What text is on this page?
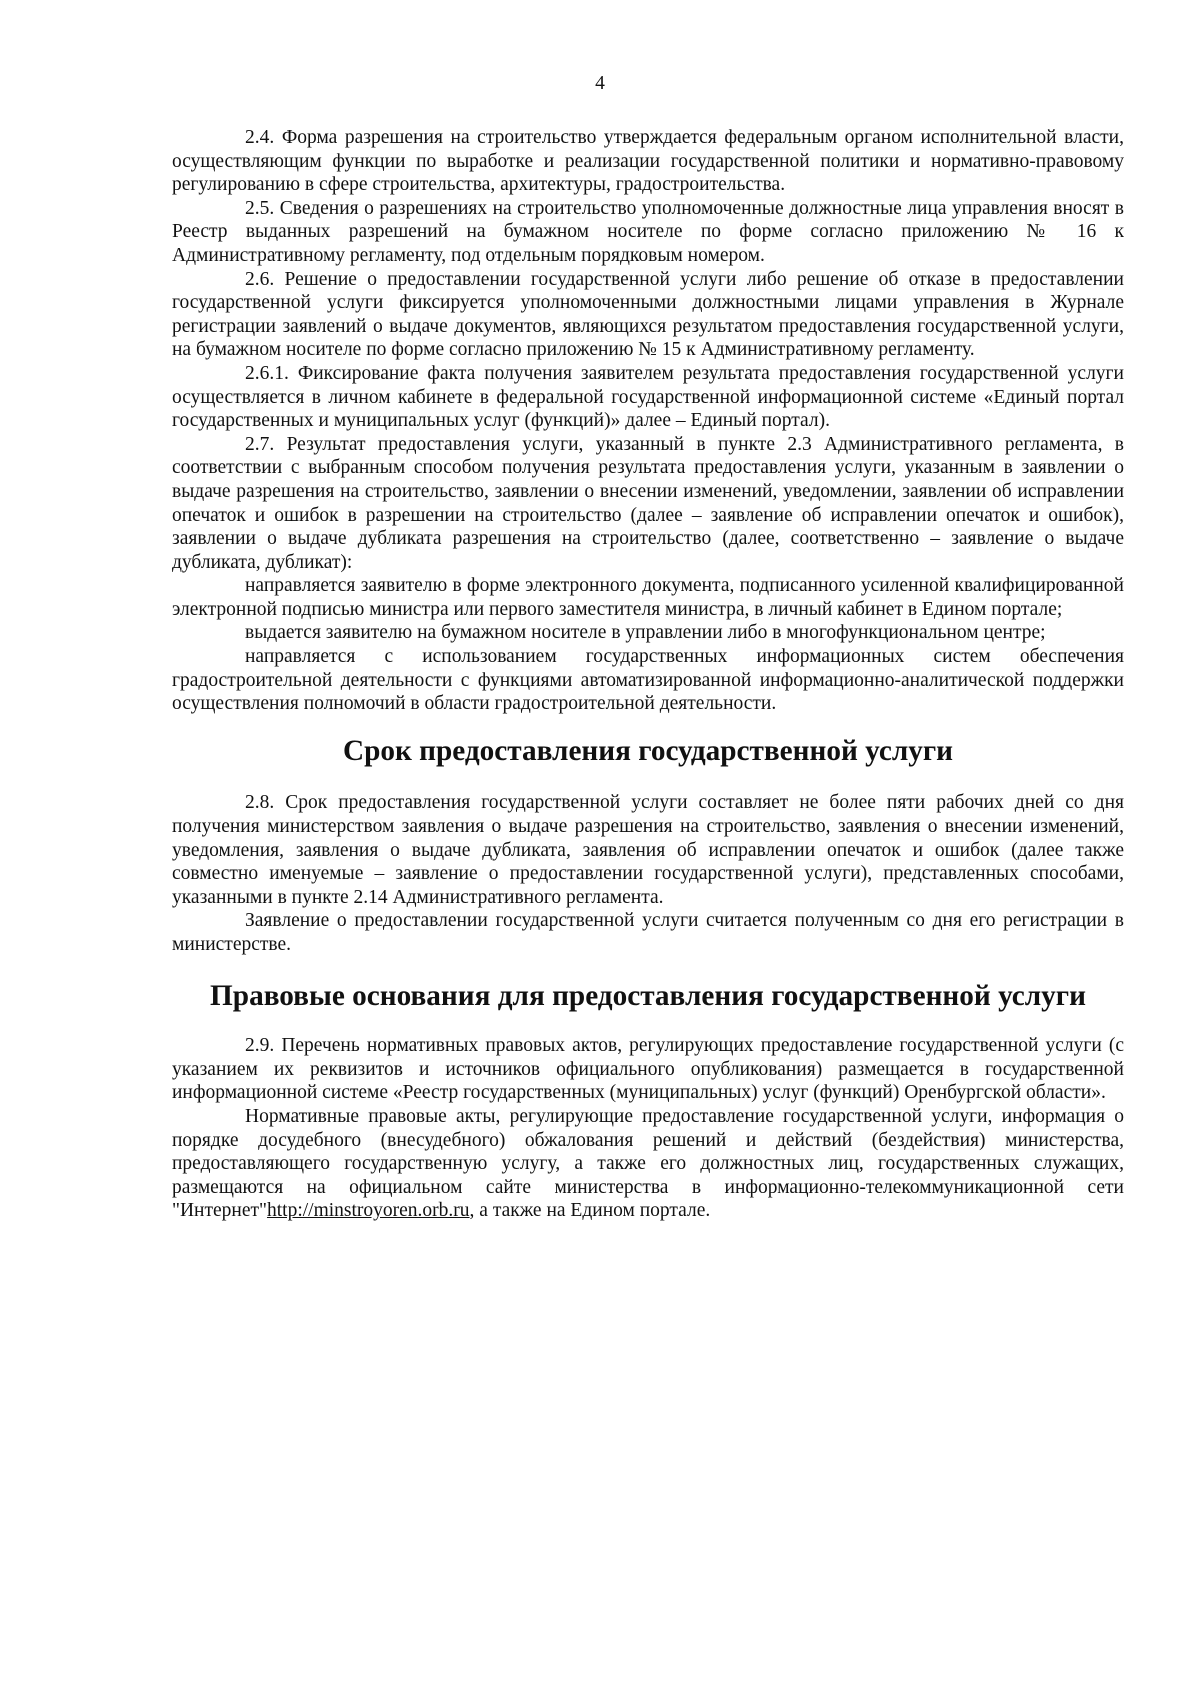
4

2.4. Форма разрешения на строительство утверждается федеральным органом исполнительной власти, осуществляющим функции по выработке и реализации государственной политики и нормативно-правовому регулированию в сфере строительства, архитектуры, градостроительства.

2.5. Сведения о разрешениях на строительство уполномоченные должностные лица управления вносят в Реестр выданных разрешений на бумажном носителе по форме согласно приложению № 16 к Административному регламенту, под отдельным порядковым номером.

2.6. Решение о предоставлении государственной услуги либо решение об отказе в предоставлении государственной услуги фиксируется уполномоченными должностными лицами управления в Журнале регистрации заявлений о выдаче документов, являющихся результатом предоставления государственной услуги, на бумажном носителе по форме согласно приложению № 15 к Административному регламенту.

2.6.1. Фиксирование факта получения заявителем результата предоставления государственной услуги осуществляется в личном кабинете в федеральной государственной информационной системе «Единый портал государственных и муниципальных услуг (функций)» далее – Единый портал).

2.7. Результат предоставления услуги, указанный в пункте 2.3 Административного регламента, в соответствии с выбранным способом получения результата предоставления услуги, указанным в заявлении о выдаче разрешения на строительство, заявлении о внесении изменений, уведомлении, заявлении об исправлении опечаток и ошибок в разрешении на строительство (далее – заявление об исправлении опечаток и ошибок), заявлении о выдаче дубликата разрешения на строительство (далее, соответственно – заявление о выдаче дубликата, дубликат):

направляется заявителю в форме электронного документа, подписанного усиленной квалифицированной электронной подписью министра или первого заместителя министра, в личный кабинет в Едином портале;

выдается заявителю на бумажном носителе в управлении либо в многофункциональном центре;

направляется с использованием государственных информационных систем обеспечения градостроительной деятельности с функциями автоматизированной информационно-аналитической поддержки осуществления полномочий в области градостроительной деятельности.

Срок предоставления государственной услуги

2.8. Срок предоставления государственной услуги составляет не более пяти рабочих дней со дня получения министерством заявления о выдаче разрешения на строительство, заявления о внесении изменений, уведомления, заявления о выдаче дубликата, заявления об исправлении опечаток и ошибок (далее также совместно именуемые – заявление о предоставлении государственной услуги), представленных способами, указанными в пункте 2.14 Административного регламента.

Заявление о предоставлении государственной услуги считается полученным со дня его регистрации в министерстве.

Правовые основания для предоставления государственной услуги

2.9. Перечень нормативных правовых актов, регулирующих предоставление государственной услуги (с указанием их реквизитов и источников официального опубликования) размещается в государственной информационной системе «Реестр государственных (муниципальных) услуг (функций) Оренбургской области».

Нормативные правовые акты, регулирующие предоставление государственной услуги, информация о порядке досудебного (внесудебного) обжалования решений и действий (бездействия) министерства, предоставляющего государственную услугу, а также его должностных лиц, государственных служащих, размещаются на официальном сайте министерства в информационно-телекоммуникационной сети "Интернет"http://minstroyoren.orb.ru, а также на Едином портале.
